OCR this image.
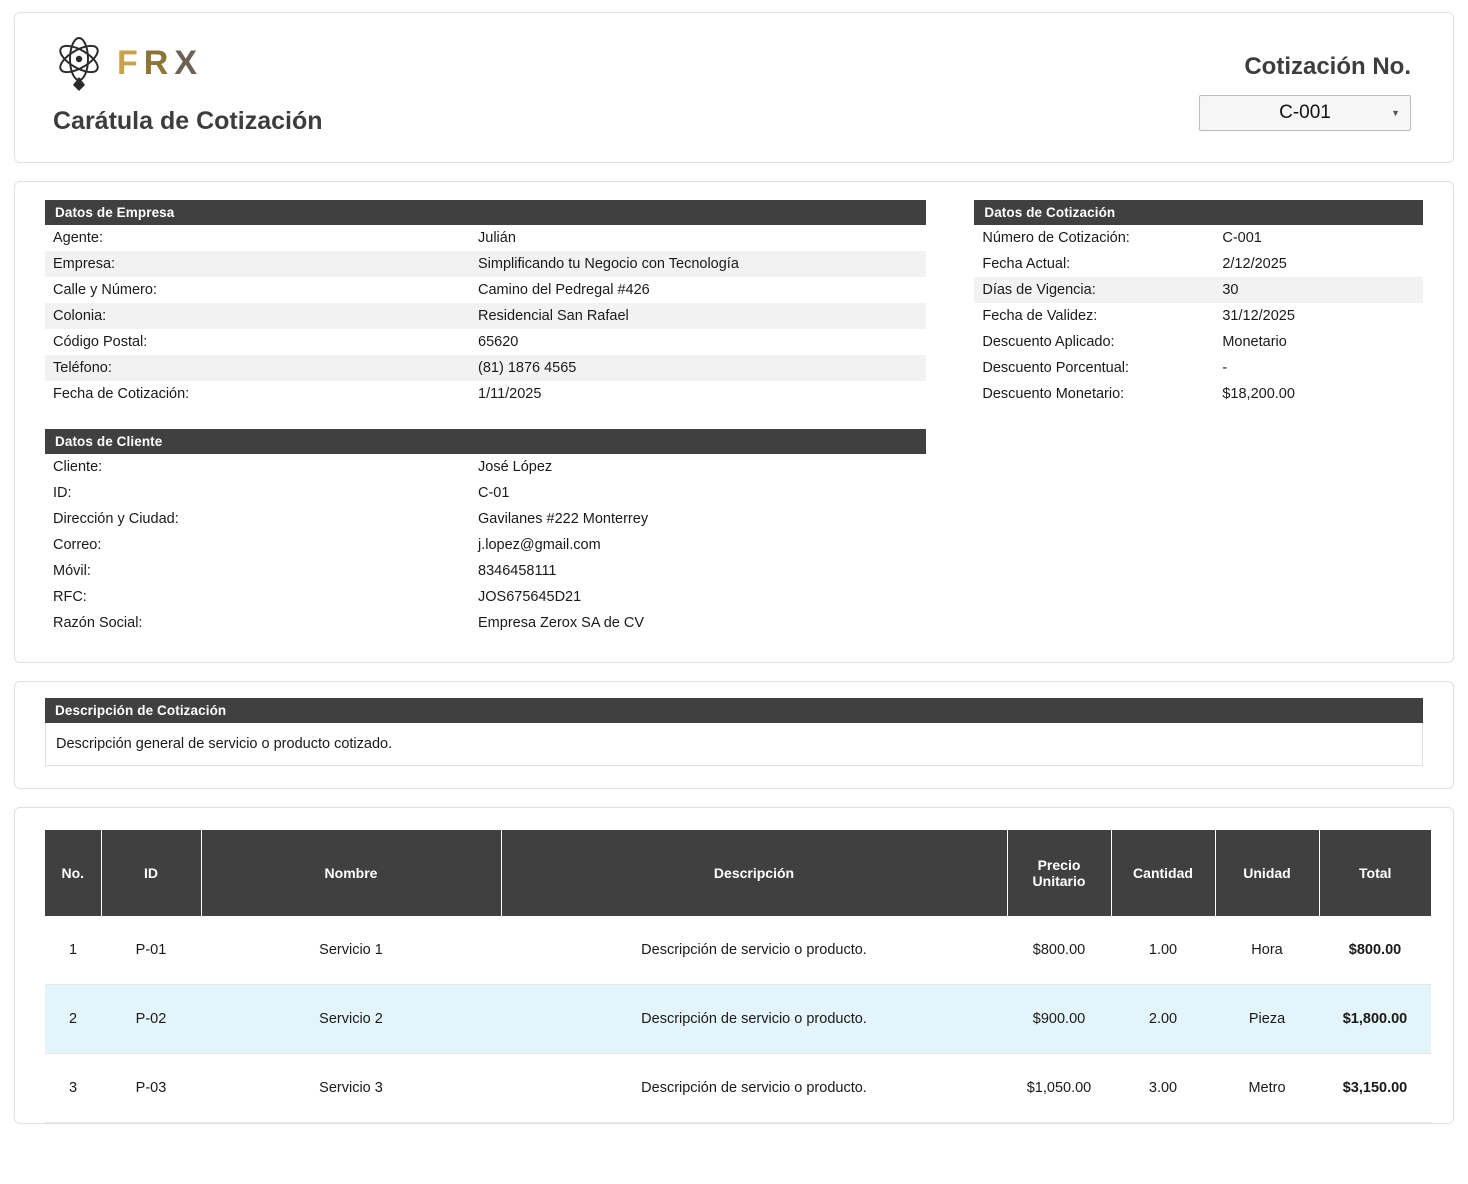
FRX
Carátula de Cotización
Cotización No.
C-001	▼
Datos de Empresa
Agente:	Julián
Empresa:	Simplificando tu Negocio con Tecnología
Calle y Número:	Camino del Pedregal #426
Colonia:	Residencial San Rafael
Código Postal:	65620
Teléfono:	(81) 1876 4565
Fecha de Cotización:	1/11/2025
Datos de Cliente
Cliente:	José López
ID:	C-01
Dirección y Ciudad:	Gavilanes #222 Monterrey
Correo:	j.lopez@gmail.com
Móvil:	8346458111
RFC:	JOS675645D21
Razón Social:	Empresa Zerox SA de CV
Datos de Cotización
Número de Cotización:	C-001
Fecha Actual:	2/12/2025
Días de Vigencia:	30
Fecha de Validez:	31/12/2025
Descuento Aplicado:	Monetario
Descuento Porcentual:	-
Descuento Monetario:	$18,200.00
Descripción de Cotización
Descripción general de servicio o producto cotizado.
No.	ID	Nombre	Descripción	Precio Unitario	Cantidad	Unidad	Total
1	P-01	Servicio 1	Descripción de servicio o producto.	$800.00	1.00	Hora	$800.00
2	P-02	Servicio 2	Descripción de servicio o producto.	$900.00	2.00	Pieza	$1,800.00
3	P-03	Servicio 3	Descripción de servicio o producto.	$1,050.00	3.00	Metro	$3,150.00
